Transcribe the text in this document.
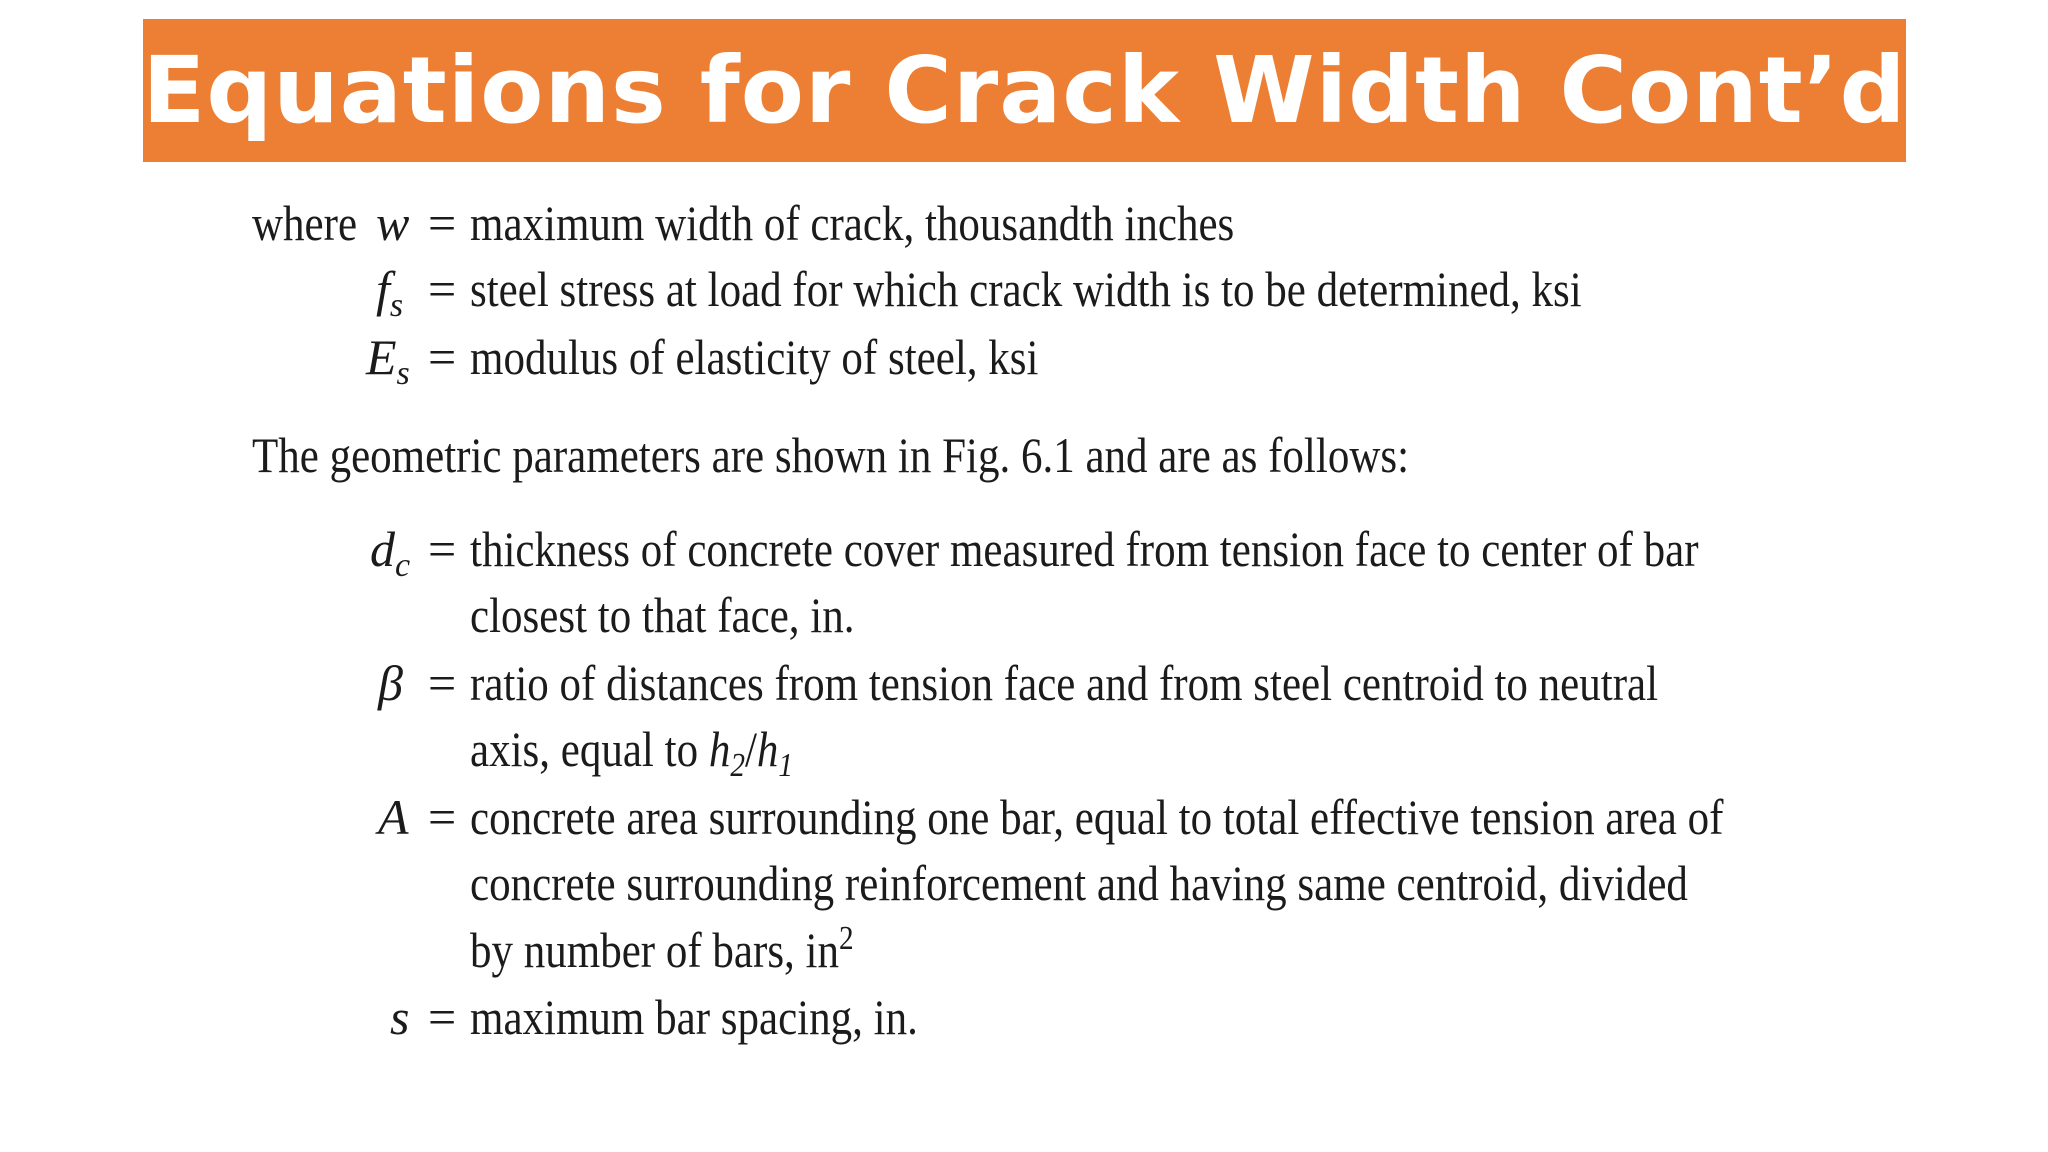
Equations for Crack Width Cont’d
where w = maximum width of crack, thousandth inches
$f_s$ = steel stress at load for which crack width is to be determined, ksi
$E_s$ = modulus of elasticity of steel, ksi
The geometric parameters are shown in Fig. 6.1 and are as follows:
$d_c$ = thickness of concrete cover measured from tension face to center of bar
closest to that face, in.
β = ratio of distances from tension face and from steel centroid to neutral
axis, equal to $h_2/h_1$
A = concrete area surrounding one bar, equal to total effective tension area of
concrete surrounding reinforcement and having same centroid, divided
by number of bars, $in^2$
s = maximum bar spacing, in.
